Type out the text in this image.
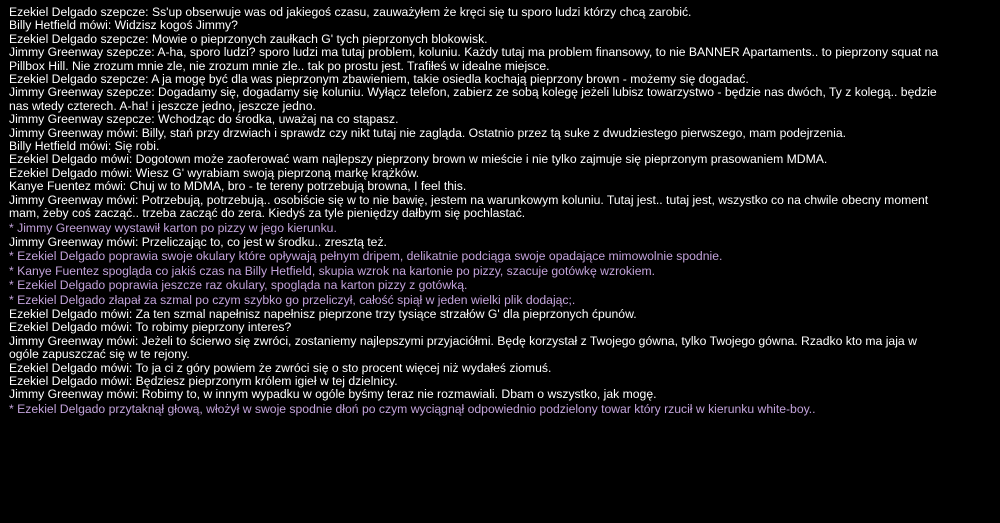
Ezekiel Delgado szepcze: Ss'up obserwuje was od jakiegoś czasu, zauważyłem że kręci się tu sporo ludzi którzy chcą zarobić.
Billy Hetfield mówi: Widzisz kogoś Jimmy?
Ezekiel Delgado szepcze: Mowie o pieprzonych zaułkach G' tych pieprzonych blokowisk.
Jimmy Greenway szepcze: A-ha, sporo ludzi? sporo ludzi ma tutaj problem, koluniu. Każdy tutaj ma problem finansowy, to nie BANNER Apartaments.. to pieprzony squat na Pillbox Hill. Nie zrozum mnie zle, nie zrozum mnie zle.. tak po prostu jest. Trafiłeś w idealne miejsce.
Ezekiel Delgado szepcze: A ja mogę być dla was pieprzonym zbawieniem, takie osiedla kochają pieprzony brown - możemy się dogadać.
Jimmy Greenway szepcze: Dogadamy się, dogadamy się koluniu. Wyłącz telefon, zabierz ze sobą kolegę jeżeli lubisz towarzystwo - będzie nas dwóch, Ty z kolegą.. będzie nas wtedy czterech. A-ha! i jeszcze jedno, jeszcze jedno.
Jimmy Greenway szepcze: Wchodząc do środka, uważaj na co stąpasz.
Jimmy Greenway mówi: Billy, stań przy drzwiach i sprawdz czy nikt tutaj nie zagląda. Ostatnio przez tą suke z dwudziestego pierwszego, mam podejrzenia.
Billy Hetfield mówi: Się robi.
Ezekiel Delgado mówi: Dogotown może zaoferować wam najlepszy pieprzony brown w mieście i nie tylko zajmuje się pieprzonym prasowaniem MDMA.
Ezekiel Delgado mówi: Wiesz G' wyrabiam swoją pieprzoną markę krążków.
Kanye Fuentez mówi: Chuj w to MDMA, bro - te tereny potrzebują browna, I feel this.
Jimmy Greenway mówi: Potrzebują, potrzebują.. osobiście się w to nie bawię, jestem na warunkowym koluniu. Tutaj jest.. tutaj jest, wszystko co na chwile obecny moment mam, żeby coś zacząć.. trzeba zacząć do zera. Kiedyś za tyle pieniędzy dałbym się pochlastać.
* Jimmy Greenway wystawił karton po pizzy w jego kierunku.
Jimmy Greenway mówi: Przeliczając to, co jest w środku.. zresztą też.
* Ezekiel Delgado poprawia swoje okulary które opływają pełnym dripem, delikatnie podciąga swoje opadające mimowolnie spodnie.
* Kanye Fuentez spogląda co jakiś czas na Billy Hetfield, skupia wzrok na kartonie po pizzy, szacuje gotówkę wzrokiem.
* Ezekiel Delgado poprawia jeszcze raz okulary, spogląda na karton pizzy z gotówką.
* Ezekiel Delgado złapał za szmal po czym szybko go przeliczył, całość spiął w jeden wielki plik dodając;.
Ezekiel Delgado mówi: Za ten szmal napełnisz napełnisz pieprzone trzy tysiące strzałów G' dla pieprzonych ćpunów.
Ezekiel Delgado mówi: To robimy pieprzony interes?
Jimmy Greenway mówi: Jeżeli to ścierwo się zwróci, zostaniemy najlepszymi przyjaciółmi. Będę korzystał z Twojego gówna, tylko Twojego gówna. Rzadko kto ma jaja w ogóle zapuszczać się w te rejony.
Ezekiel Delgado mówi: To ja ci z góry powiem że zwróci się o sto procent więcej niż wydałeś ziomuś.
Ezekiel Delgado mówi: Będziesz pieprzonym królem igieł w tej dzielnicy.
Jimmy Greenway mówi: Robimy to, w innym wypadku w ogóle byśmy teraz nie rozmawiali. Dbam o wszystko, jak mogę.
* Ezekiel Delgado przytaknął głową, włożył w swoje spodnie dłoń po czym wyciągnął odpowiednio podzielony towar który rzucił w kierunku white-boy..
